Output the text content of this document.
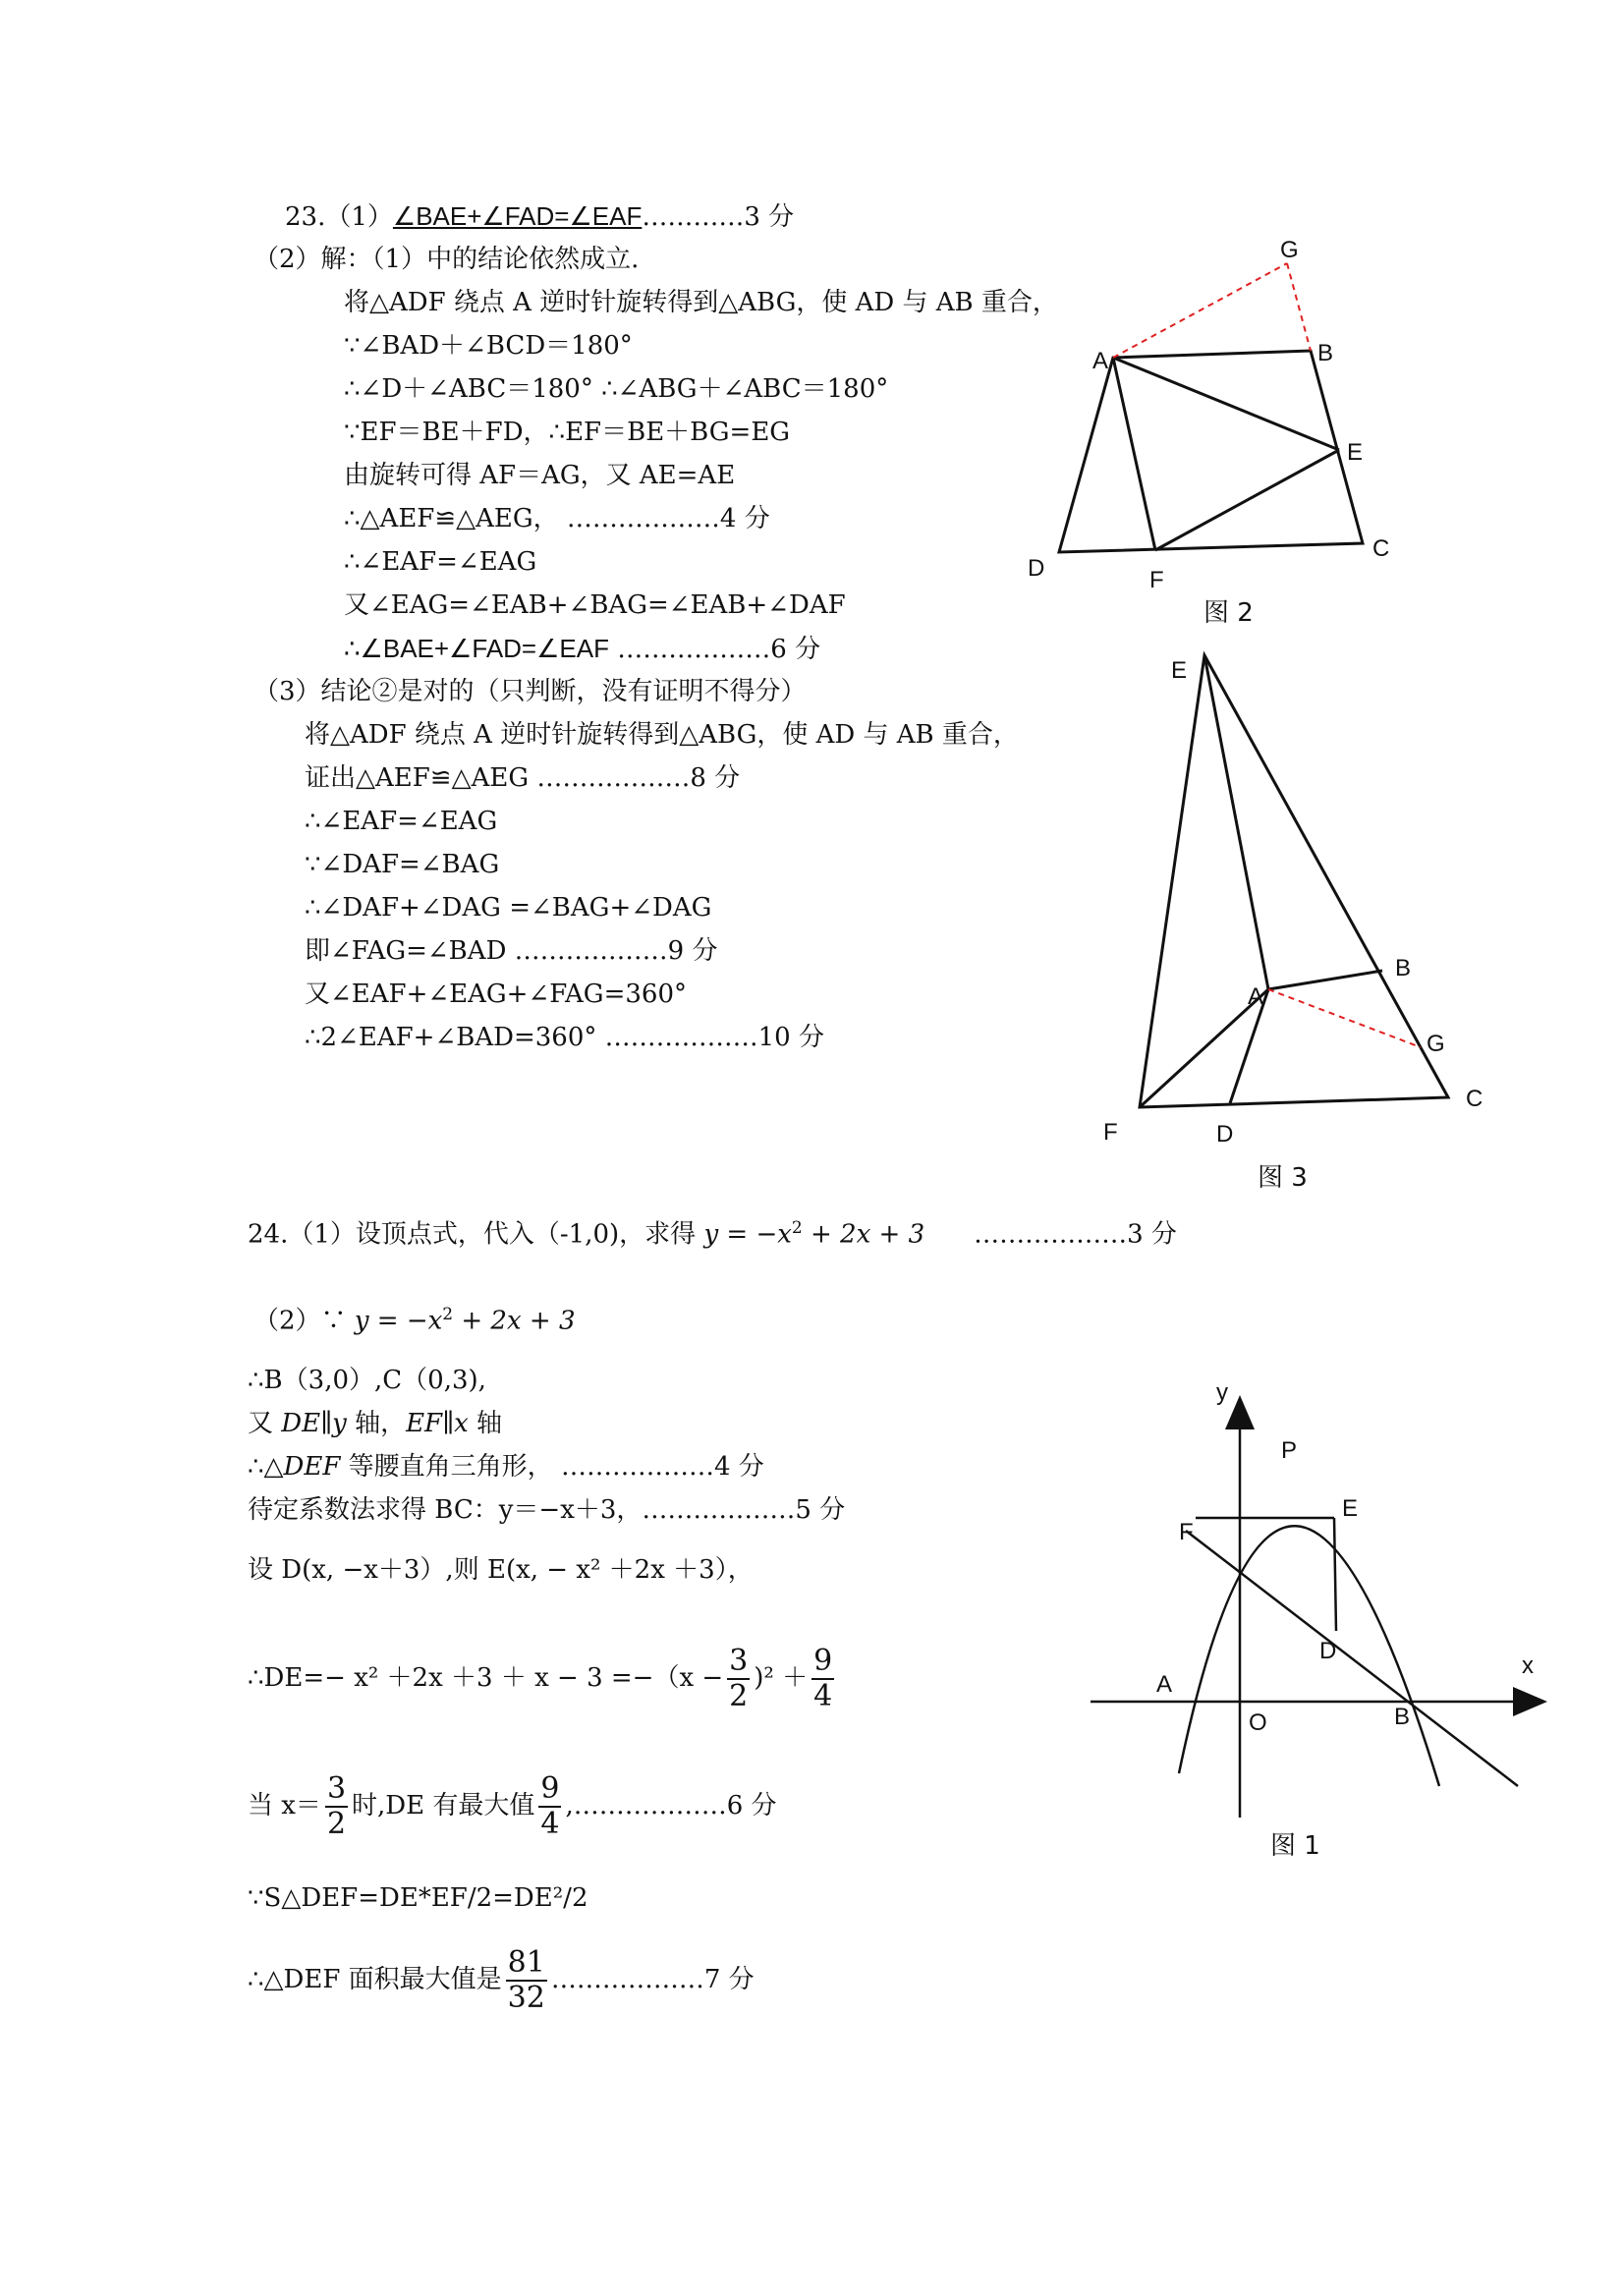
23.（1）∠BAE+∠FAD=∠EAF…………3 分
（2）解：（1）中的结论依然成立.
将△ADF 绕点 A 逆时针旋转得到△ABG，使 AD 与 AB 重合，
∵∠BAD＋∠BCD＝180°
∴∠D＋∠ABC＝180° ∴∠ABG＋∠ABC＝180°
∵EF＝BE＋FD，∴EF＝BE＋BG=EG
由旋转可得 AF＝AG，又 AE=AE
∴△AEF≌△AEG， ………………4 分
∴∠EAF=∠EAG
又∠EAG=∠EAB+∠BAG=∠EAB+∠DAF
∴∠BAE+∠FAD=∠EAF ………………6 分
（3）结论②是对的（只判断，没有证明不得分）
将△ADF 绕点 A 逆时针旋转得到△ABG，使 AD 与 AB 重合，
证出△AEF≌△AEG ………………8 分
∴∠EAF=∠EAG
∵∠DAF=∠BAG
∴∠DAF+∠DAG =∠BAG+∠DAG
即∠FAG=∠BAD ………………9 分
又∠EAF+∠EAG+∠FAG=360°
∴2∠EAF+∠BAD=360° ………………10 分
G
A	B
E
D	F
C
图 2
E
B
A
G
C
F	D
图 3
24.（1）设顶点式，代入（-1,0)，求得 $y = -x^2 + 2x + 3$ ………………3 分
（2）∵ $y = -x^2 + 2x + 3$
∴B（3,0）,C（0,3),
又 DE∥y 轴，EF∥x 轴
∴△DEF 等腰直角三角形， ………………4 分
待定系数法求得 BC：y＝−x＋3，………………5 分
设 D(x, −x＋3）,则 E(x, − x² ＋2x ＋3），
∴DE=− $x^2 +2x +3 + x - 3 =-(x - \frac{3}{2} )^2 + \frac{9}{4}$
当 $x= \frac{3}{2}$ 时,DE 有最大值 $\frac{9}{4}$ ,………………6 分
∵S△DEF=DE*EF/2=DE²/2
∴△DEF 面积最大值是 $\frac{81}{32}$ ………………7 分
y
P
E
F
D
x
A
O	B
图 1
